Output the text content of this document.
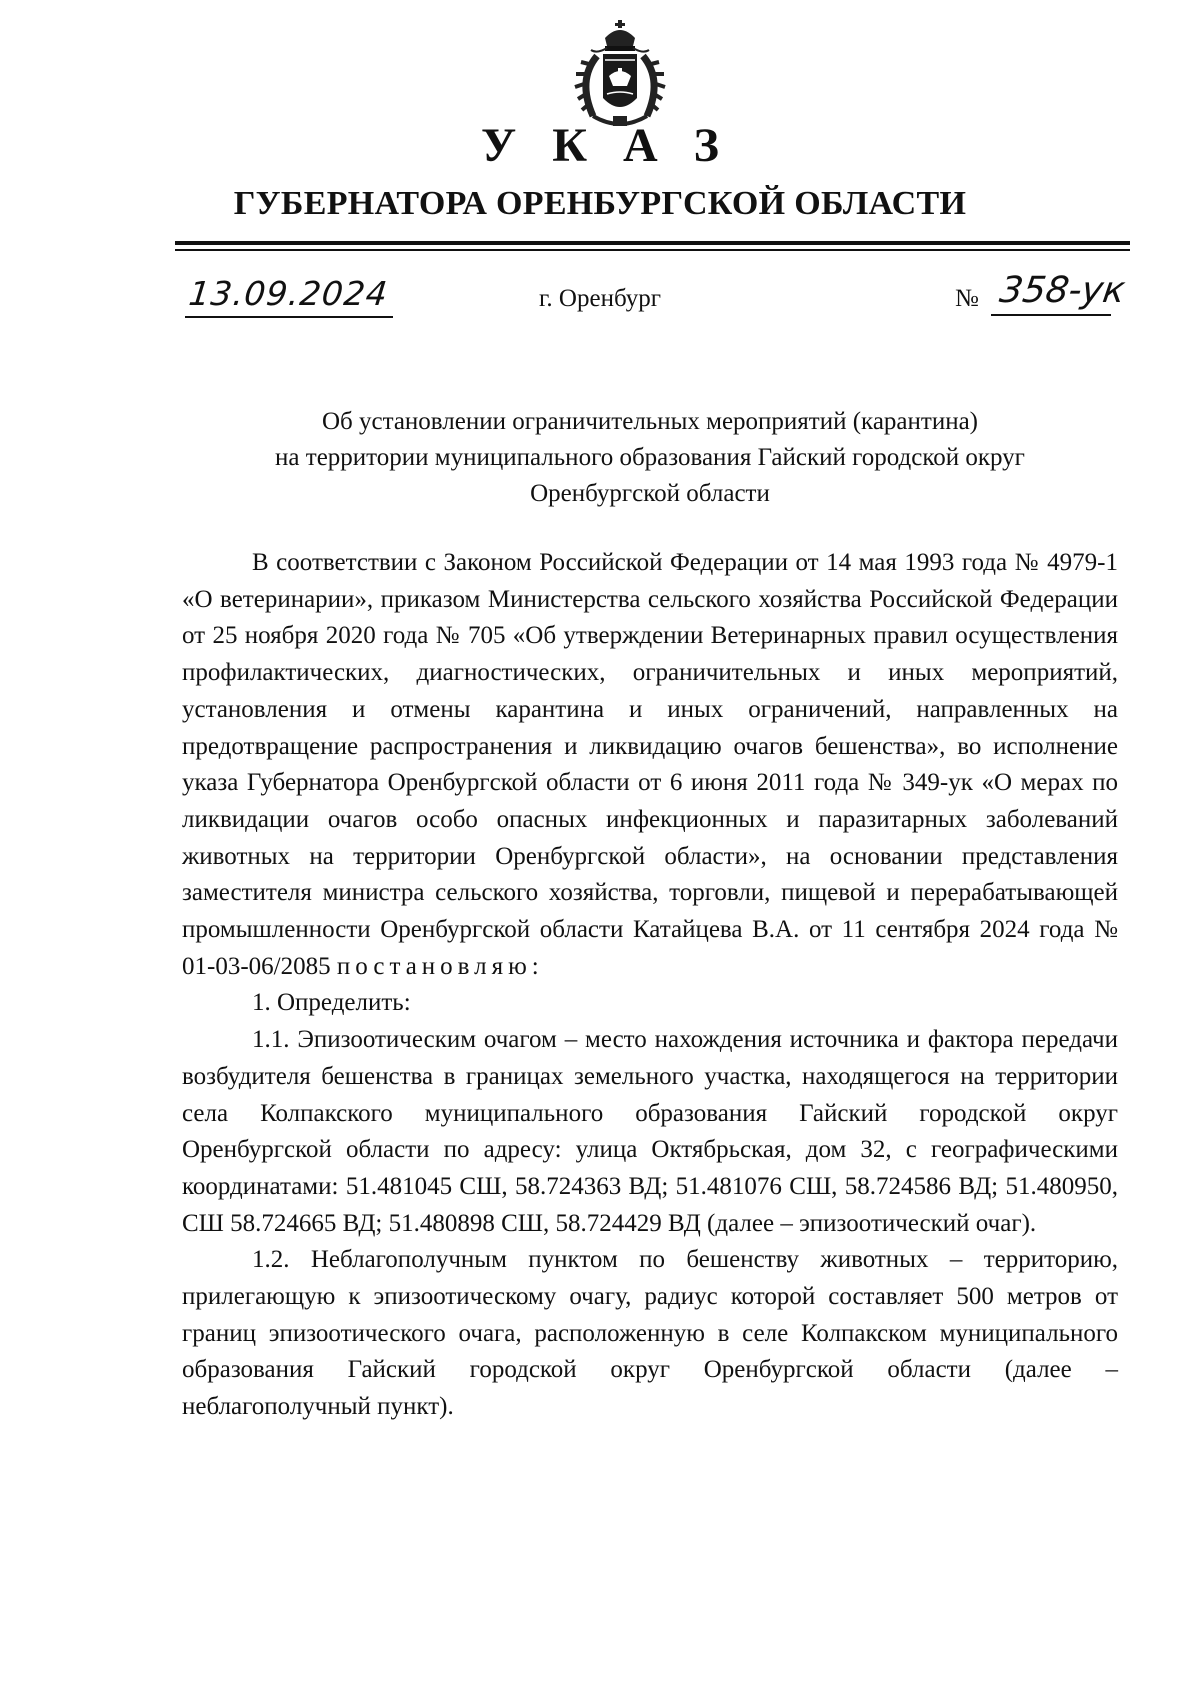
У К А З
ГУБЕРНАТОРА ОРЕНБУРГСКОЙ ОБЛАСТИ
13.09.2024	г. Оренбург	№ 358-ук
Об установлении ограничительных мероприятий (карантина)
на территории муниципального образования Гайский городской округ
Оренбургской области

В соответствии с Законом Российской Федерации от 14 мая 1993 года № 4979-1 «О ветеринарии», приказом Министерства сельского хозяйства Российской Федерации от 25 ноября 2020 года № 705 «Об утверждении Ветеринарных правил осуществления профилактических, диагностических, ограничительных и иных мероприятий, установления и отмены карантина и иных ограничений, направленных на предотвращение распространения и ликвидацию очагов бешенства», во исполнение указа Губернатора Оренбургской области от 6 июня 2011 года № 349-ук «О мерах по ликвидации очагов особо опасных инфекционных и паразитарных заболеваний животных на территории Оренбургской области», на основании представления заместителя министра сельского хозяйства, торговли, пищевой и перерабатывающей промышленности Оренбургской области Катайцева В.А. от 11 сентября 2024 года № 01-03-06/2085 постановляю:

1. Определить:

1.1. Эпизоотическим очагом – место нахождения источника и фактора передачи возбудителя бешенства в границах земельного участка, находящегося на территории села Колпакского муниципального образования Гайский городской округ Оренбургской области по адресу: улица Октябрьская, дом 32, с географическими координатами: 51.481045 СШ, 58.724363 ВД; 51.481076 СШ, 58.724586 ВД; 51.480950, СШ 58.724665 ВД; 51.480898 СШ, 58.724429 ВД (далее – эпизоотический очаг).

1.2. Неблагополучным пунктом по бешенству животных – территорию, прилегающую к эпизоотическому очагу, радиус которой составляет 500 метров от границ эпизоотического очага, расположенную в селе Колпакском муниципального образования Гайский городской округ Оренбургской области (далее – неблагополучный пункт).
